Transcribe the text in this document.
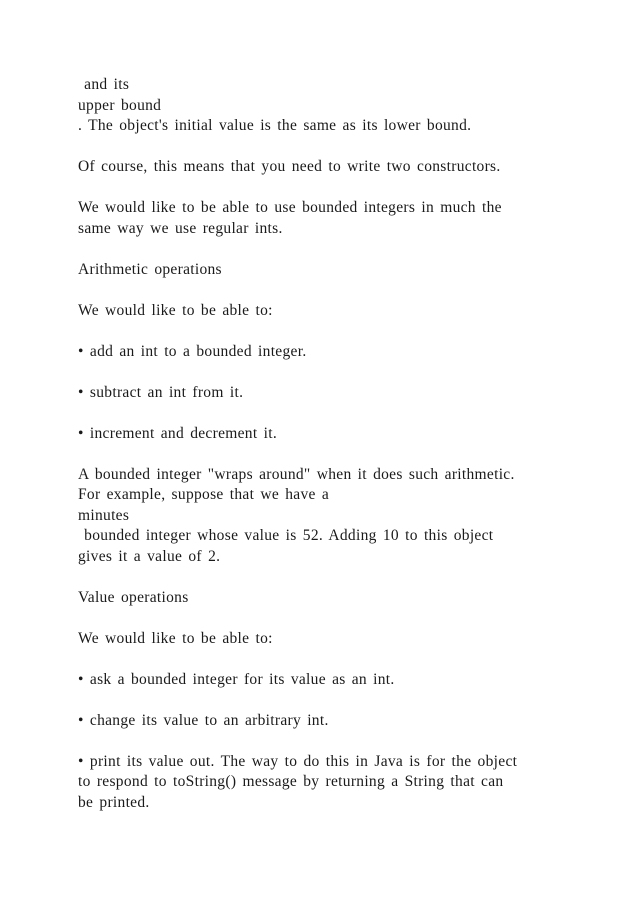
and its
upper bound
. The object's initial value is the same as its lower bound.
Of course, this means that you need to write two constructors.
We would like to be able to use bounded integers in much the
same way we use regular ints.
Arithmetic operations
We would like to be able to:
• add an int to a bounded integer.
• subtract an int from it.
• increment and decrement it.
A bounded integer "wraps around" when it does such arithmetic.
For example, suppose that we have a
minutes
bounded integer whose value is 52. Adding 10 to this object
gives it a value of 2.
Value operations
We would like to be able to:
• ask a bounded integer for its value as an int.
• change its value to an arbitrary int.
• print its value out. The way to do this in Java is for the object
to respond to toString() message by returning a String that can
be printed.
